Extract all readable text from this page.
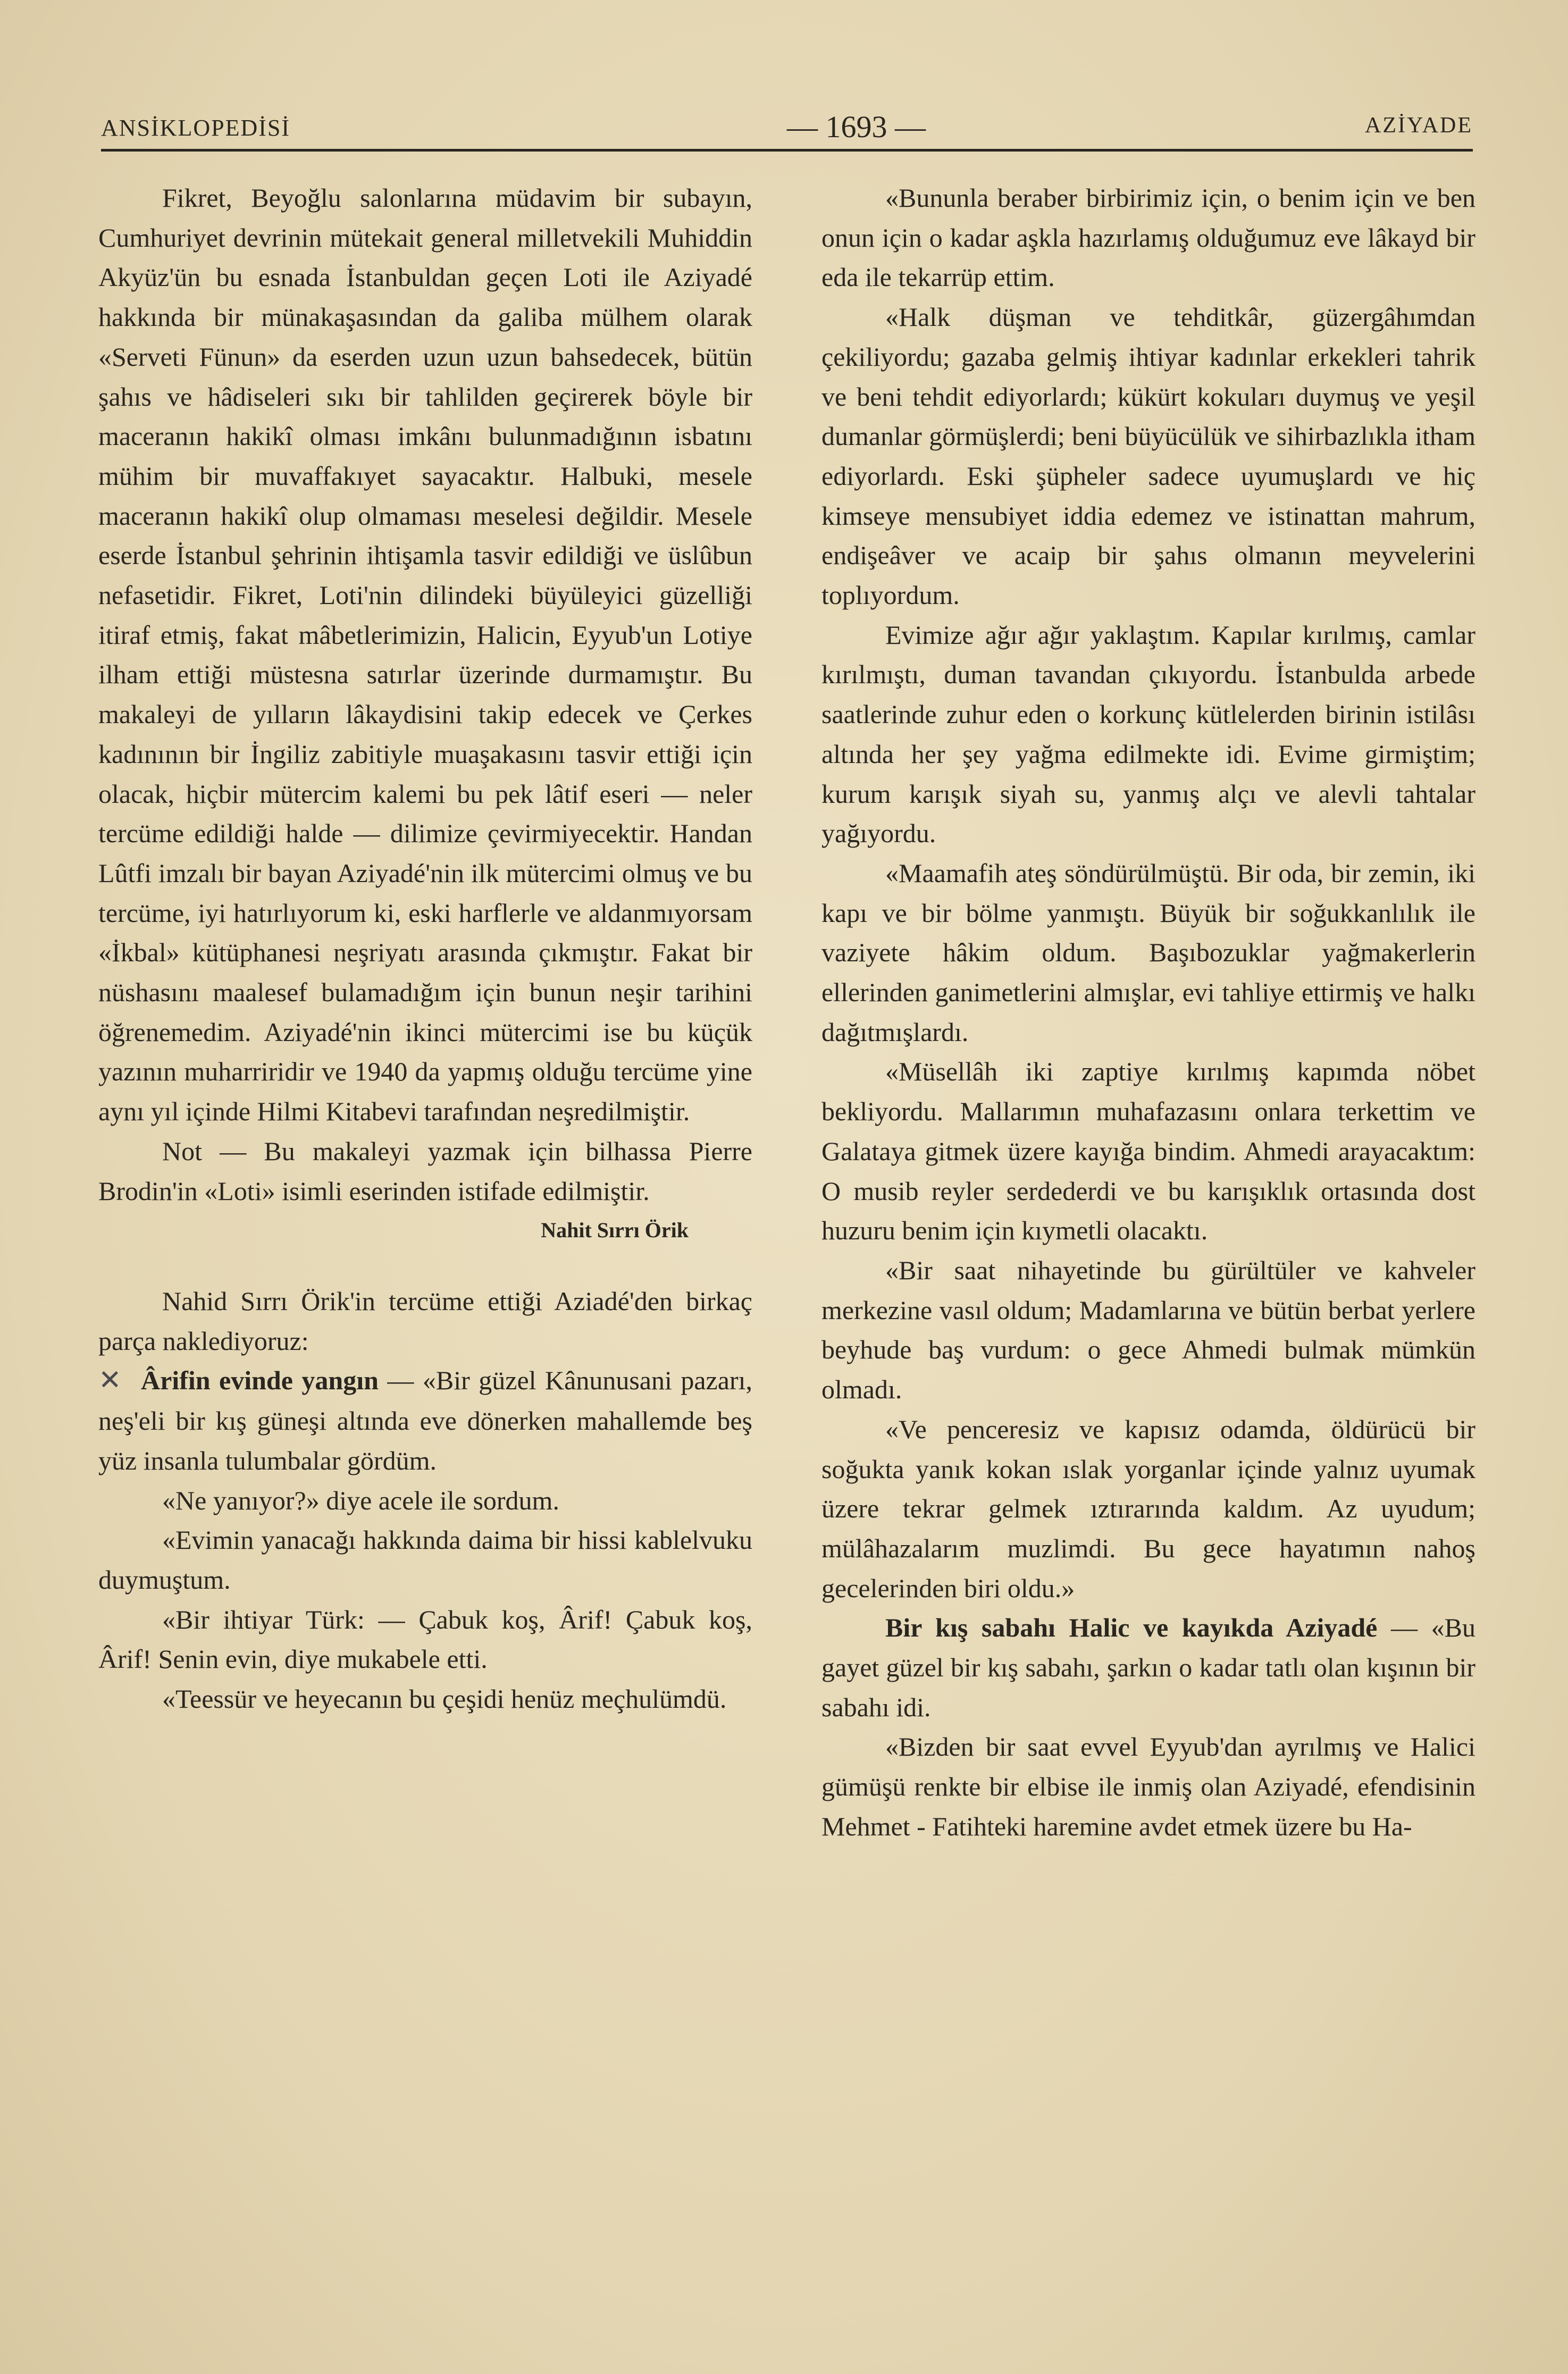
ANSİKLOPEDİSİ	— 1693 —	AZİYADE

Fikret, Beyoğlu salonlarına müdavim bir subayın, Cumhuriyet devrinin mütekait general milletvekili Muhiddin Akyüz'ün bu esnada İstanbuldan geçen Loti ile Aziyadé hakkında bir münakaşasından da galiba mülhem olarak «Serveti Fünun» da eserden uzun uzun bahsedecek, bütün şahıs ve hâdiseleri sıkı bir tahlilden geçirerek böyle bir maceranın hakikî olması imkânı bulunmadığının isbatını mühim bir muvaffakıyet sayacaktır. Halbuki, mesele maceranın hakikî olup olmaması meselesi değildir. Mesele eserde İstanbul şehrinin ihtişamla tasvir edildiği ve üslûbun nefasetidir. Fikret, Loti'nin dilindeki büyüleyici güzelliği itiraf etmiş, fakat mâbetlerimizin, Halicin, Eyyub'un Lotiye ilham ettiği müstesna satırlar üzerinde durmamıştır. Bu makaleyi de yılların lâkaydisini takip edecek ve Çerkes kadınının bir İngiliz zabitiyle muaşakasını tasvir ettiği için olacak, hiçbir mütercim kalemi bu pek lâtif eseri — neler tercüme edildiği halde — dilimize çevirmiyecektir. Handan Lûtfi imzalı bir bayan Aziyadé'nin ilk mütercimi olmuş ve bu tercüme, iyi hatırlıyorum ki, eski harflerle ve aldanmıyorsam «İkbal» kütüphanesi neşriyatı arasında çıkmıştır. Fakat bir nüshasını maalesef bulamadığım için bunun neşir tarihini öğrenemedim. Aziyadé'nin ikinci mütercimi ise bu küçük yazının muharriridir ve 1940 da yapmış olduğu tercüme yine aynı yıl içinde Hilmi Kitabevi tarafından neşredilmiştir.

Not — Bu makaleyi yazmak için bilhassa Pierre Brodin'in «Loti» isimli eserinden istifade edilmiştir.

Nahit Sırrı Örik

Nahid Sırrı Örik'in tercüme ettiği Aziadé'den birkaç parça naklediyoruz:

✕ Ârifin evinde yangın — «Bir güzel Kânunusani pazarı, neş'eli bir kış güneşi altında eve dönerken mahallemde beş yüz insanla tulumbalar gördüm.

«Ne yanıyor?» diye acele ile sordum.

«Evimin yanacağı hakkında daima bir hissi kablelvuku duymuştum.

«Bir ihtiyar Türk: — Çabuk koş, Ârif! Çabuk koş, Ârif! Senin evin, diye mukabele etti.

«Teessür ve heyecanın bu çeşidi henüz meçhulümdü.

«Bununla beraber birbirimiz için, o benim için ve ben onun için o kadar aşkla hazırlamış olduğumuz eve lâkayd bir eda ile tekarrüp ettim.

«Halk düşman ve tehditkâr, güzergâhımdan çekiliyordu; gazaba gelmiş ihtiyar kadınlar erkekleri tahrik ve beni tehdit ediyorlardı; kükürt kokuları duymuş ve yeşil dumanlar görmüşlerdi; beni büyücülük ve sihirbazlıkla itham ediyorlardı. Eski şüpheler sadece uyumuşlardı ve hiç kimseye mensubiyet iddia edemez ve istinattan mahrum, endişeâver ve acaip bir şahıs olmanın meyvelerini toplıyordum.

Evimize ağır ağır yaklaştım. Kapılar kırılmış, camlar kırılmıştı, duman tavandan çıkıyordu. İstanbulda arbede saatlerinde zuhur eden o korkunç kütlelerden birinin istilâsı altında her şey yağma edilmekte idi. Evime girmiştim; kurum karışık siyah su, yanmış alçı ve alevli tahtalar yağıyordu.

«Maamafih ateş söndürülmüştü. Bir oda, bir zemin, iki kapı ve bir bölme yanmıştı. Büyük bir soğukkanlılık ile vaziyete hâkim oldum. Başıbozuklar yağmakerlerin ellerinden ganimetlerini almışlar, evi tahliye ettirmiş ve halkı dağıtmışlardı.

«Müsellâh iki zaptiye kırılmış kapımda nöbet bekliyordu. Mallarımın muhafazasını onlara terkettim ve Galataya gitmek üzere kayığa bindim. Ahmedi arayacaktım: O musib reyler serdederdi ve bu karışıklık ortasında dost huzuru benim için kıymetli olacaktı.

«Bir saat nihayetinde bu gürültüler ve kahveler merkezine vasıl oldum; Madamlarına ve bütün berbat yerlere beyhude baş vurdum: o gece Ahmedi bulmak mümkün olmadı.

«Ve penceresiz ve kapısız odamda, öldürücü bir soğukta yanık kokan ıslak yorganlar içinde yalnız uyumak üzere tekrar gelmek ıztırarında kaldım. Az uyudum; mülâhazalarım muzlimdi. Bu gece hayatımın nahoş gecelerinden biri oldu.»

Bir kış sabahı Halic ve kayıkda Aziyadé — «Bu gayet güzel bir kış sabahı, şarkın o kadar tatlı olan kışının bir sabahı idi.

«Bizden bir saat evvel Eyyub'dan ayrılmış ve Halici gümüşü renkte bir elbise ile inmiş olan Aziyadé, efendisinin Mehmet - Fatihteki haremine avdet etmek üzere bu Ha-
